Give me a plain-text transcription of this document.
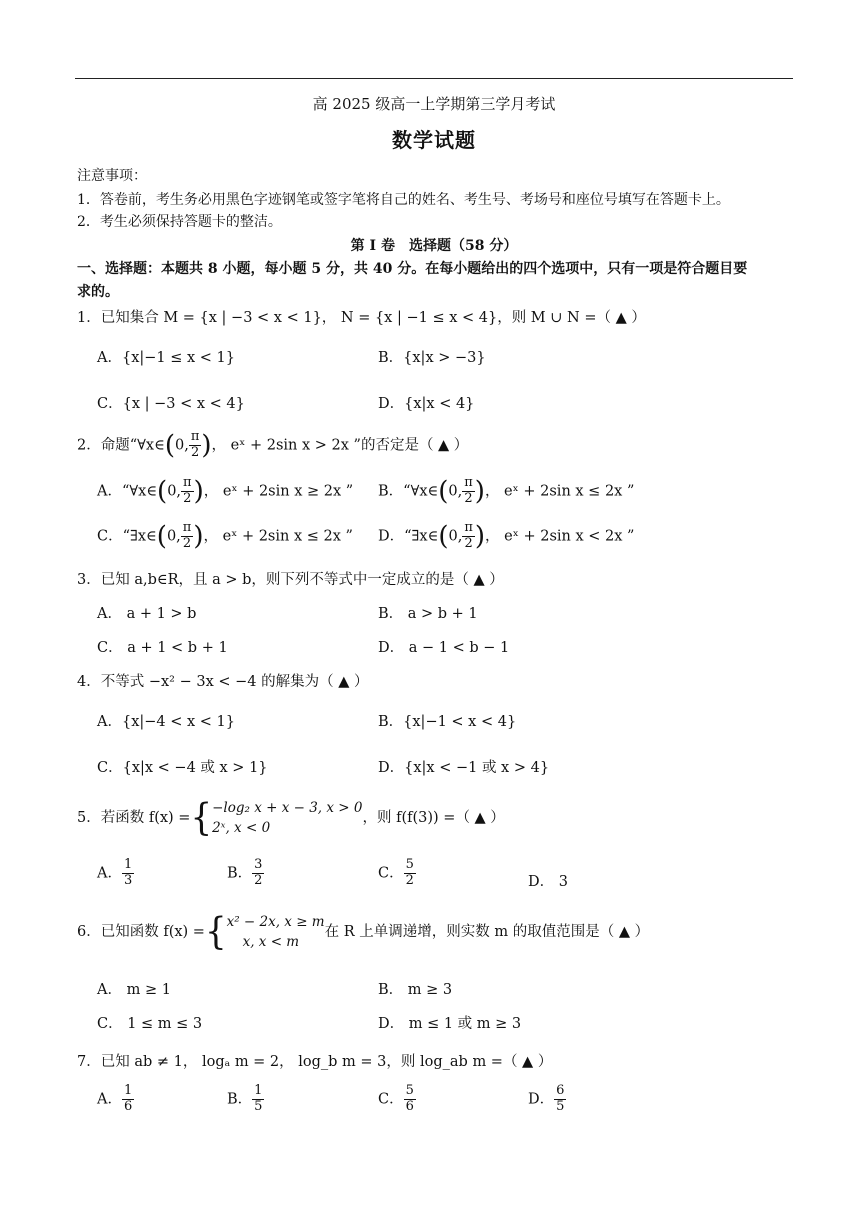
高 2025 级高一上学期第三学月考试
数学试题
注意事项：
1．答卷前，考生务必用黑色字迹钢笔或签字笔将自己的姓名、考生号、考场号和座位号填写在答题卡上。
2．考生必须保持答题卡的整洁。
第 I 卷　选择题（58 分）
一、选择题：本题共 8 小题，每小题 5 分，共 40 分。在每小题给出的四个选项中，只有一项是符合题目要
求的。
1．已知集合 M = {x | −3 < x < 1}， N = {x | −1 ≤ x < 4}，则 M ∪ N =（ ▲ ）
A．{x|−1 ≤ x < 1}	B．{x|x > −3}
C．{x | −3 < x < 4}	D．{x|x < 4}
2．命题“∀x∈(0, $\frac{\pi}{2}$ )， eˣ + 2sin x > 2x ”的否定是（ ▲ ）
A．“∀x∈(0, $\frac{\pi}{2}$ )， eˣ + 2sin x ≥ 2x ” B．“∀x∈(0, $\frac{\pi}{2}$ )， eˣ + 2sin x ≤ 2x ”
C．“∃x∈(0, $\frac{\pi}{2}$ )， eˣ + 2sin x ≤ 2x ” D．“∃x∈(0, $\frac{\pi}{2}$ )， eˣ + 2sin x < 2x ”
3．已知 a,b∈R，且 a > b，则下列不等式中一定成立的是（ ▲ ）
A． a + 1 > b	B． a > b + 1
C． a + 1 < b + 1	D． a − 1 < b − 1
4．不等式 −x² − 3x < −4 的解集为（ ▲ ）
A．{x|−4 < x < 1}	B．{x|−1 < x < 4}
C．{x|x < −4 或 x > 1}	D．{x|x < −1 或 x > 4}
5．若函数 f(x) ={ −log₂ x + x − 3, x > 0
2ˣ, x < 0
，则 f(f(3)) =（ ▲ ）
A． $\frac{1}{3}$	B． $\frac{3}{2}$	C． $\frac{5}{2}$	D． 3
6．已知函数 f(x) ={ x² − 2x, x ≥ m
x, x < m
在 R 上单调递增，则实数 m 的取值范围是（ ▲ ）
A． m ≥ 1	B． m ≥ 3
C． 1 ≤ m ≤ 3	D． m ≤ 1 或 m ≥ 3
7．已知 ab ≠ 1， logₐ m = 2， log_b m = 3，则 log_ab m =（ ▲ ）
A． $\frac{1}{6}$	B． $\frac{1}{5}$	C． $\frac{5}{6}$	D． $\frac{6}{5}$
